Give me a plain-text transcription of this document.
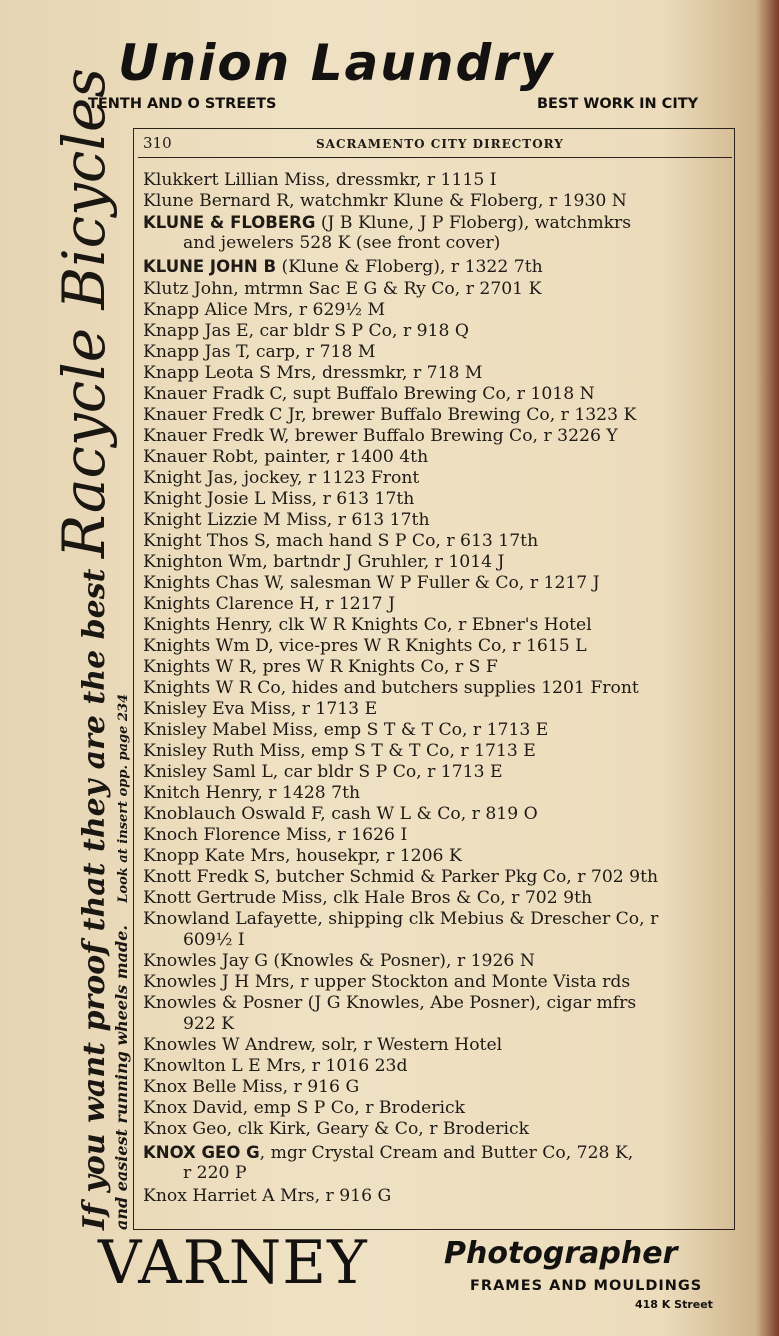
Union Laundry
TENTH AND O STREETS	BEST WORK IN CITY
310	SACRAMENTO CITY DIRECTORY
Klukkert Lillian Miss, dressmkr, r 1115 I
Klune Bernard R, watchmkr Klune & Floberg, r 1930 N
KLUNE & FLOBERG (J B Klune, J P Floberg), watchmkrs
and jewelers 528 K (see front cover)
KLUNE JOHN B (Klune & Floberg), r 1322 7th
Klutz John, mtrmn Sac E G & Ry Co, r 2701 K
Knapp Alice Mrs, r 629½ M
Knapp Jas E, car bldr S P Co, r 918 Q
Knapp Jas T, carp, r 718 M
Knapp Leota S Mrs, dressmkr, r 718 M
Knauer Fradk C, supt Buffalo Brewing Co, r 1018 N
Knauer Fredk C Jr, brewer Buffalo Brewing Co, r 1323 K
Knauer Fredk W, brewer Buffalo Brewing Co, r 3226 Y
Knauer Robt, painter, r 1400 4th
Knight Jas, jockey, r 1123 Front
Knight Josie L Miss, r 613 17th
Knight Lizzie M Miss, r 613 17th
Knight Thos S, mach hand S P Co, r 613 17th
Knighton Wm, bartndr J Gruhler, r 1014 J
Knights Chas W, salesman W P Fuller & Co, r 1217 J
Knights Clarence H, r 1217 J
Knights Henry, clk W R Knights Co, r Ebner's Hotel
Knights Wm D, vice-pres W R Knights Co, r 1615 L
Knights W R, pres W R Knights Co, r S F
Knights W R Co, hides and butchers supplies 1201 Front
Knisley Eva Miss, r 1713 E
Knisley Mabel Miss, emp S T & T Co, r 1713 E
Knisley Ruth Miss, emp S T & T Co, r 1713 E
Knisley Saml L, car bldr S P Co, r 1713 E
Knitch Henry, r 1428 7th
Knoblauch Oswald F, cash W L & Co, r 819 O
Knoch Florence Miss, r 1626 I
Knopp Kate Mrs, housekpr, r 1206 K
Knott Fredk S, butcher Schmid & Parker Pkg Co, r 702 9th
Knott Gertrude Miss, clk Hale Bros & Co, r 702 9th
Knowland Lafayette, shipping clk Mebius & Drescher Co, r
609½ I
Knowles Jay G (Knowles & Posner), r 1926 N
Knowles J H Mrs, r upper Stockton and Monte Vista rds
Knowles & Posner (J G Knowles, Abe Posner), cigar mfrs
922 K
Knowles W Andrew, solr, r Western Hotel
Knowlton L E Mrs, r 1016 23d
Knox Belle Miss, r 916 G
Knox David, emp S P Co, r Broderick
Knox Geo, clk Kirk, Geary & Co, r Broderick
KNOX GEO G, mgr Crystal Cream and Butter Co, 728 K,
r 220 P
Knox Harriet A Mrs, r 916 G
If you want proof that they are the best Racycle Bicycles
and easiest running wheels made.    Look at insert opp. page 234
VARNEY	Photographer
FRAMES AND MOULDINGS
418 K Street
